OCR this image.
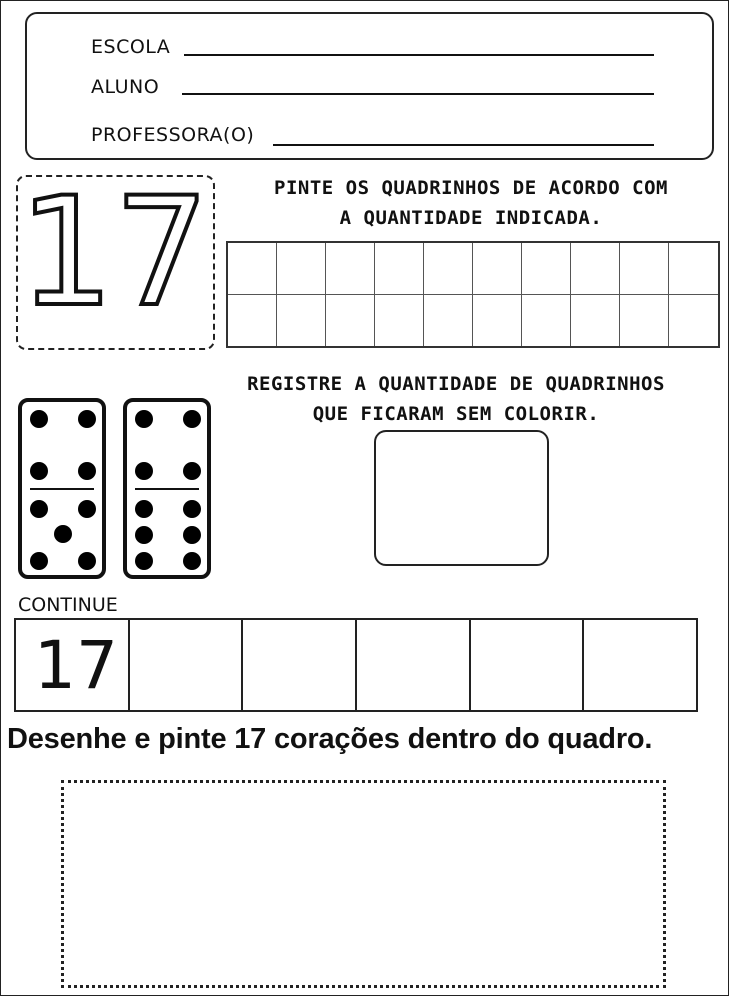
ESCOLA
ALUNO
PROFESSORA(O)
17	PINTE OS QUADRINHOS DE ACORDO COM
A QUANTIDADE INDICADA.
REGISTRE A QUANTIDADE DE QUADRINHOS
QUE FICARAM SEM COLORIR.
CONTINUE
17
Desenhe e pinte 17 corações dentro do quadro.
